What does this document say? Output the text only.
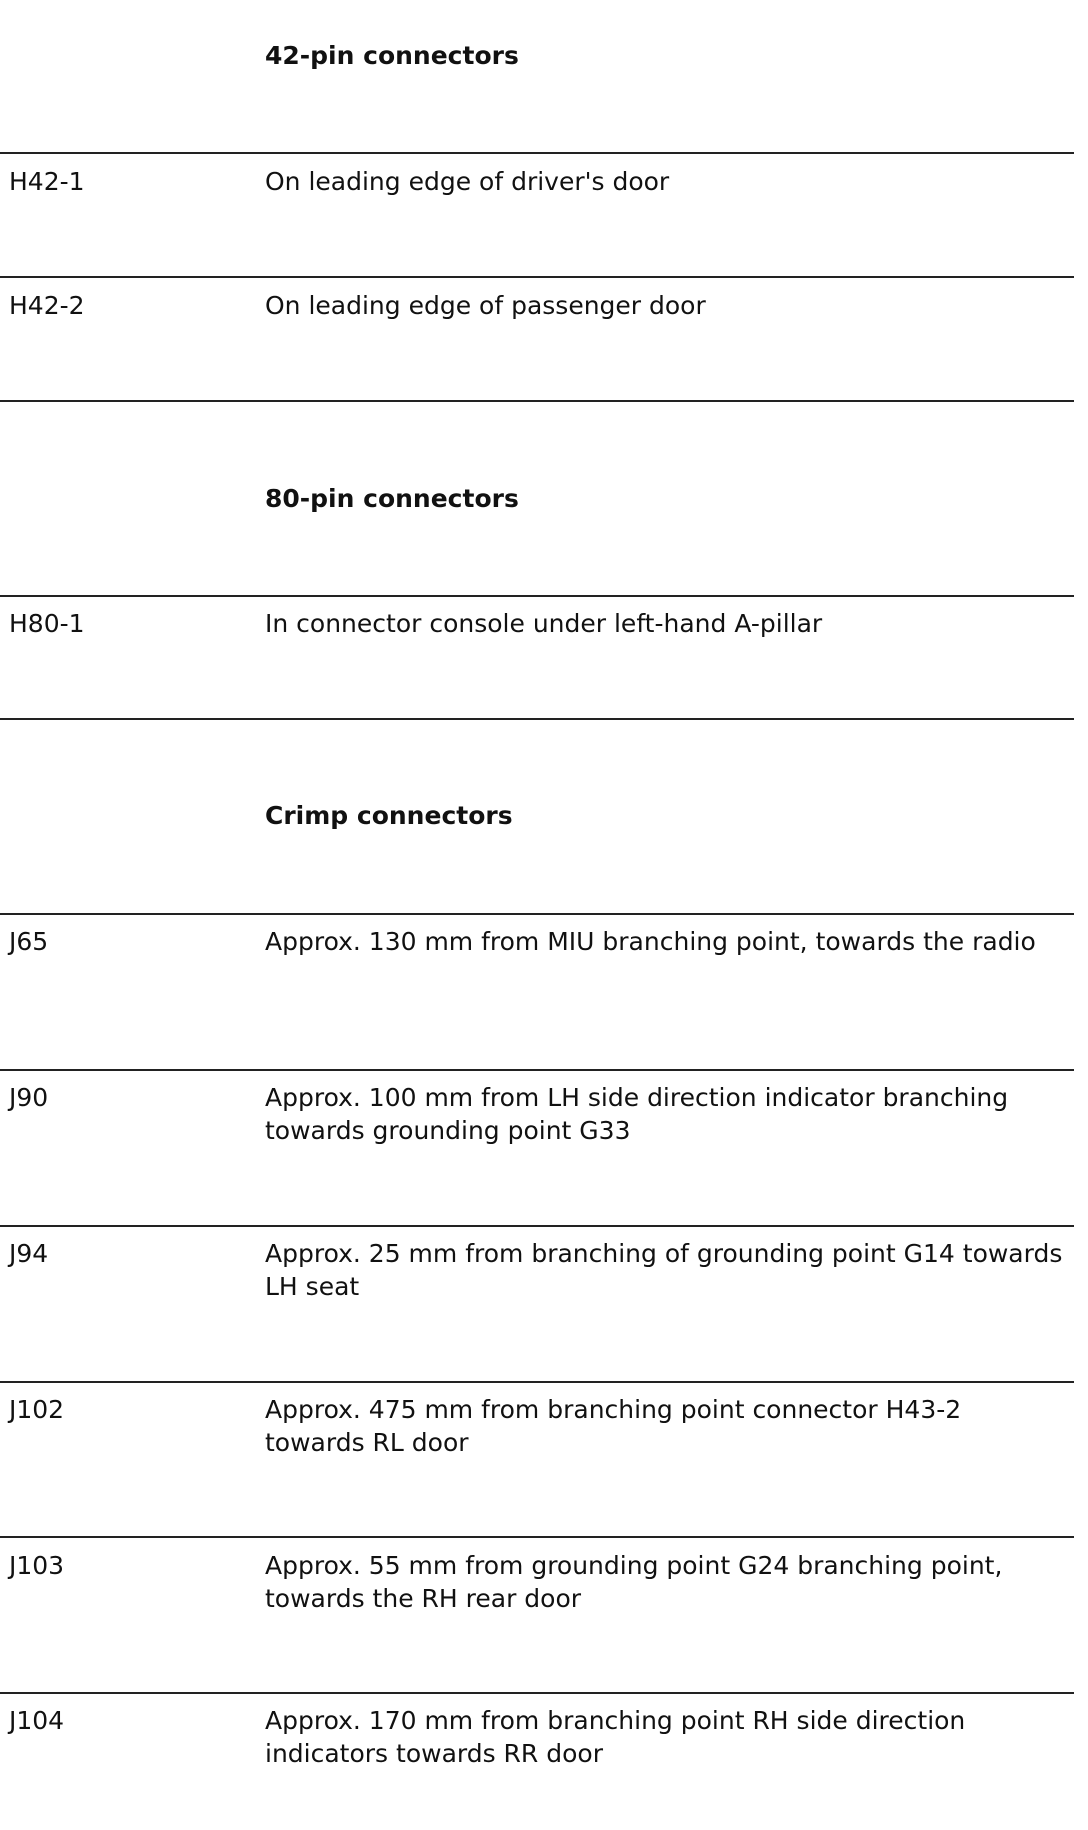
42-pin connectors

H42-1	On leading edge of driver's door

H42-2	On leading edge of passenger door

80-pin connectors

H80-1	In connector console under left-hand A-pillar

Crimp connectors

J65	Approx. 130 mm from MIU branching point, towards the radio

J90	Approx. 100 mm from LH side direction indicator branching towards grounding point G33

J94	Approx. 25 mm from branching of grounding point G14 towards LH seat

J102	Approx. 475 mm from branching point connector H43-2 towards RL door

J103	Approx. 55 mm from grounding point G24 branching point, towards the RH rear door

J104	Approx. 170 mm from branching point RH side direction indicators towards RR door
